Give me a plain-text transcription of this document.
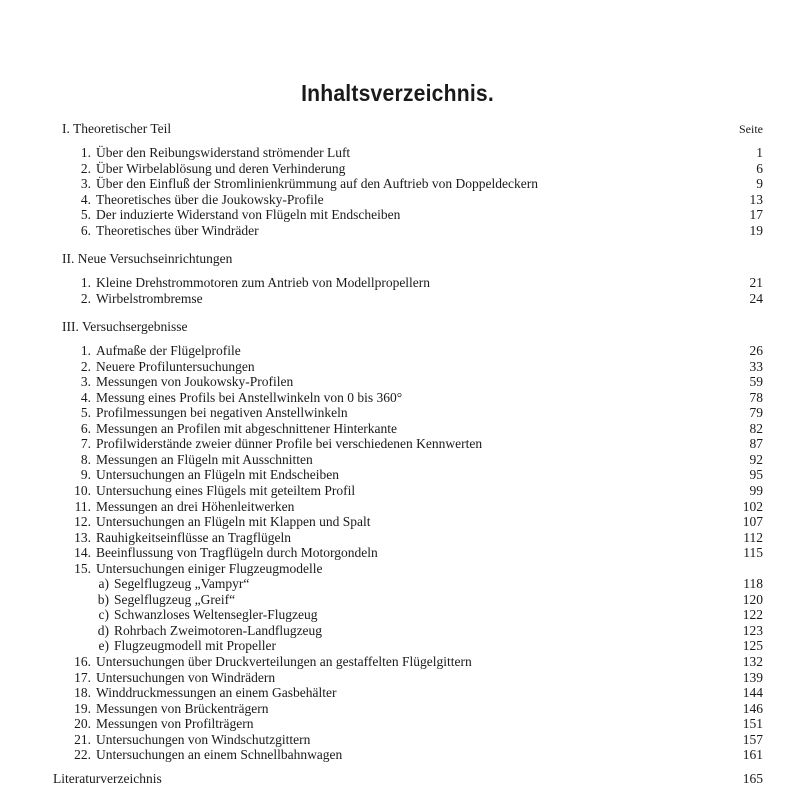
Inhaltsverzeichnis.
I. Theoretischer Teil	Seite
1. Über den Reibungswiderstand strömender Luft	1
2. Über Wirbelablösung und deren Verhinderung	6
3. Über den Einfluß der Stromlinienkrümmung auf den Auftrieb von Doppeldeckern	9
4. Theoretisches über die Joukowsky-Profile	13
5. Der induzierte Widerstand von Flügeln mit Endscheiben	17
6. Theoretisches über Windräder	19
II. Neue Versuchseinrichtungen
1. Kleine Drehstrommotoren zum Antrieb von Modellpropellern	21
2. Wirbelstrombremse	24
III. Versuchsergebnisse
1. Aufmaße der Flügelprofile	26
2. Neuere Profiluntersuchungen	33
3. Messungen von Joukowsky-Profilen	59
4. Messung eines Profils bei Anstellwinkeln von 0 bis 360°	78
5. Profilmessungen bei negativen Anstellwinkeln	79
6. Messungen an Profilen mit abgeschnittener Hinterkante	82
7. Profilwiderstände zweier dünner Profile bei verschiedenen Kennwerten	87
8. Messungen an Flügeln mit Ausschnitten	92
9. Untersuchungen an Flügeln mit Endscheiben	95
10. Untersuchung eines Flügels mit geteiltem Profil	99
11. Messungen an drei Höhenleitwerken	102
12. Untersuchungen an Flügeln mit Klappen und Spalt	107
13. Rauhigkeitseinflüsse an Tragflügeln	112
14. Beeinflussung von Tragflügeln durch Motorgondeln	115
15. Untersuchungen einiger Flugzeugmodelle
a) Segelflugzeug „Vampyr“	118
b) Segelflugzeug „Greif“	120
c) Schwanzloses Weltensegler-Flugzeug	122
d) Rohrbach Zweimotoren-Landflugzeug	123
e) Flugzeugmodell mit Propeller	125
16. Untersuchungen über Druckverteilungen an gestaffelten Flügelgittern	132
17. Untersuchungen von Windrädern	139
18. Winddruckmessungen an einem Gasbehälter	144
19. Messungen von Brückenträgern	146
20. Messungen von Profilträgern	151
21. Untersuchungen von Windschutzgittern	157
22. Untersuchungen an einem Schnellbahnwagen	161
Literaturverzeichnis	165
